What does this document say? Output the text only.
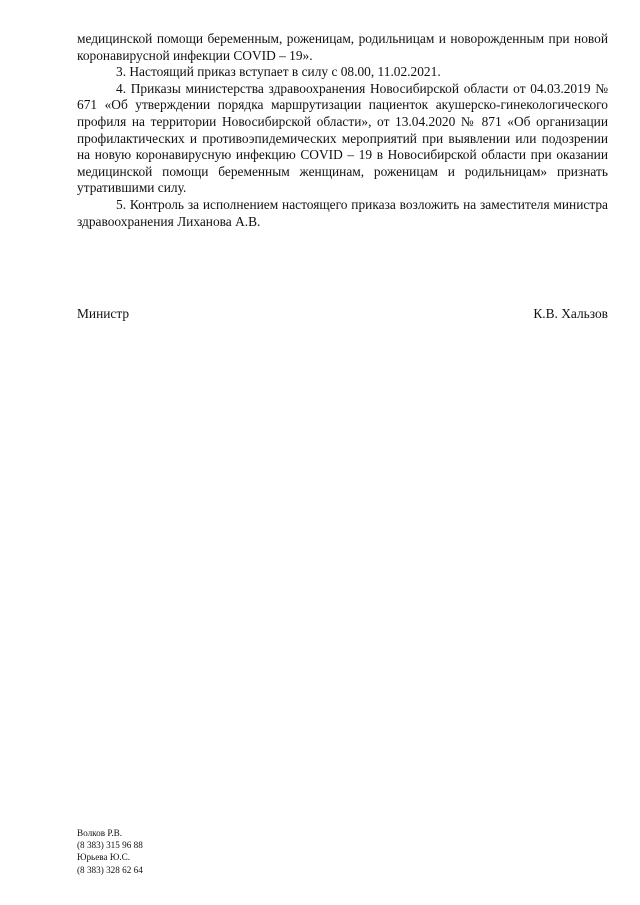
медицинской помощи беременным, роженицам, родильницам и новорожденным при новой коронавирусной инфекции COVID – 19».

3. Настоящий приказ вступает в силу с 08.00, 11.02.2021.

4. Приказы министерства здравоохранения Новосибирской области от 04.03.2019 № 671 «Об утверждении порядка маршрутизации пациенток акушерско-гинекологического профиля на территории Новосибирской области», от 13.04.2020 № 871 «Об организации профилактических и противоэпидемических мероприятий при выявлении или подозрении на новую коронавирусную инфекцию COVID – 19 в Новосибирской области при оказании медицинской помощи беременным женщинам, роженицам и родильницам» признать утратившими силу.

5. Контроль за исполнением настоящего приказа возложить на заместителя министра здравоохранения Лиханова А.В.

Министр	К.В. Хальзов
Волков Р.В.
(8 383) 315 96 88
Юрьева Ю.С.
(8 383) 328 62 64
